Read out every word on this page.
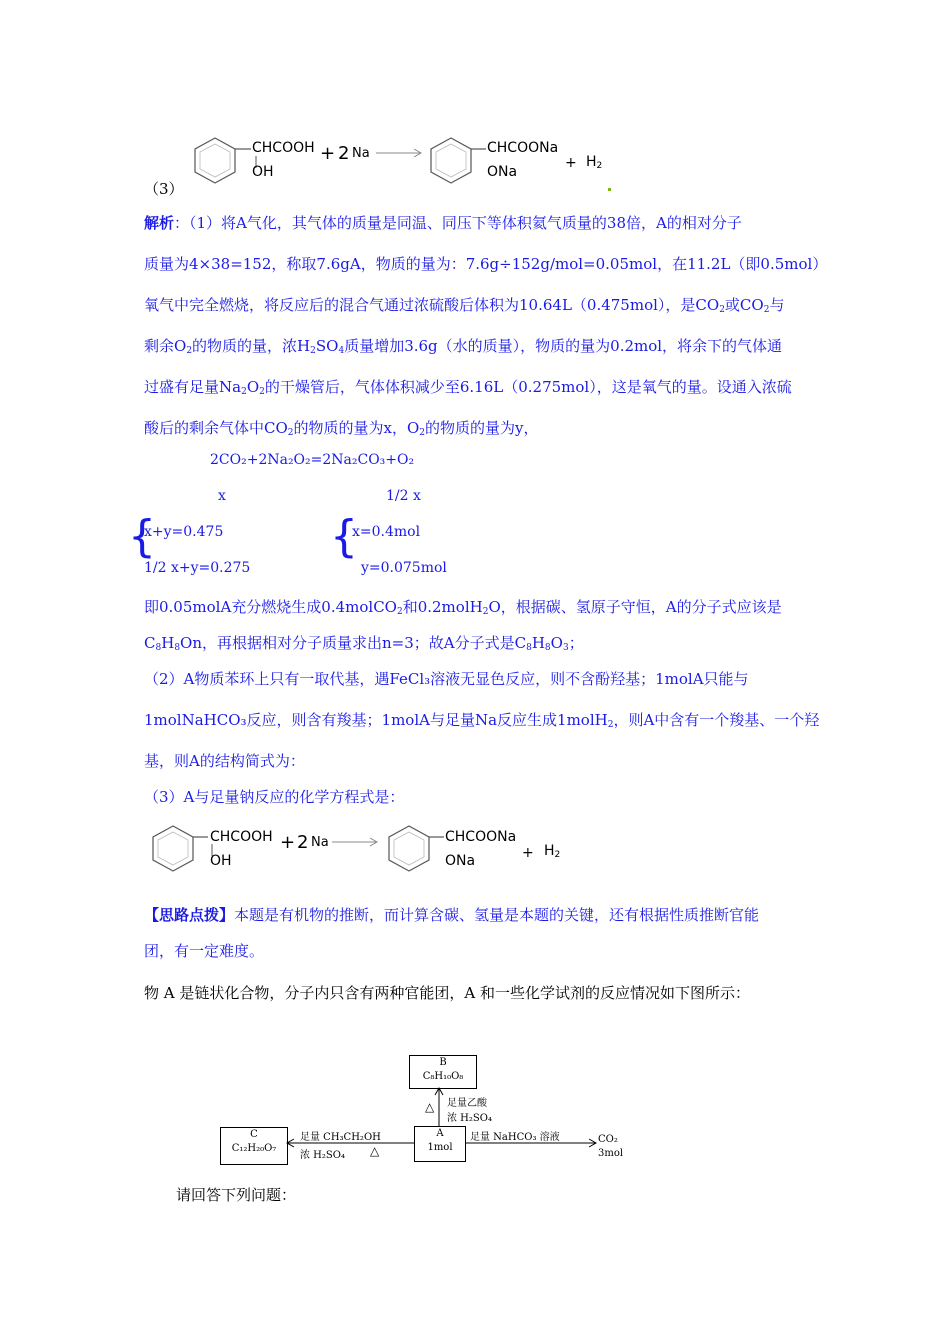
（3）
CHCOOH
OH
+ 2 Na →	CHCOONa
ONa
+ $H_2$
解析：（1）将A气化，其气体的质量是同温、同压下等体积氦气质量的38倍，A的相对分子
质量为4×38=152，称取7.6gA，物质的量为：7.6g÷152g/mol=0.05mol，在11.2L（即0.5mol）
氧气中完全燃烧，将反应后的混合气通过浓硫酸后体积为10.64L（0.475mol），是$CO_2$或$CO_2$与
剩余$O_2$的物质的量，浓$H_2SO_4$质量增加3.6g（水的质量），物质的量为0.2mol，将余下的气体通
过盛有足量$Na_2O_2$的干燥管后，气体体积减少至6.16L（0.275mol），这是氧气的量。设通入浓硫
酸后的剩余气体中$CO_2$的物质的量为x，$O_2$的物质的量为y，
2CO₂+2Na₂O₂=2Na₂CO₃+O₂
x	1/2 x
{
x+y=0.475
1/2 x+y=0.275
{
x=0.4mol
y=0.075mol
即0.05molA充分燃烧生成0.4molCO$_2$和0.2molH$_2$O，根据碳、氢原子守恒，A的分子式应该是
$C_8H_8On$，再根据相对分子质量求出n=3；故A分子式是$C_8H_8O_3$；
（2）A物质苯环上只有一取代基，遇FeCl₃溶液无显色反应，则不含酚羟基；1molA只能与
1molNaHCO₃反应，则含有羧基；1molA与足量Na反应生成1molH$_2$，则A中含有一个羧基、一个羟
基，则A的结构简式为：
（3）A与足量钠反应的化学方程式是：
CHCOOH
OH
+ 2 Na →	CHCOONa
ONa	+ $H_2$
【思路点拨】本题是有机物的推断，而计算含碳、氢量是本题的关键，还有根据性质推断官能
团，有一定难度。
物 A 是链状化合物，分子内只含有两种官能团，A 和一些化学试剂的反应情况如下图所示：
B
C₈H₁₀O₈
A
1mol
C
C₁₂H₂₀O₇
足量乙酸
浓 H₂SO₄
△
足量 CH₃CH₂OH
浓 H₂SO₄ △
足量 NaHCO₃ 溶液	CO₂
3mol
请回答下列问题：
